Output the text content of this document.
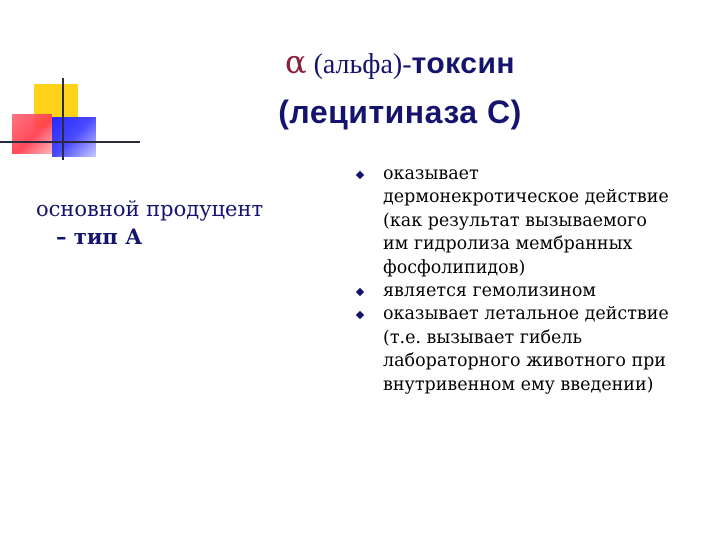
α (альфа)-токсин
(лецитиназа С)
основной продуцент
– тип А
оказывает
дермонекротическое действие
(как результат вызываемого
им гидролиза мембранных
фосфолипидов)
является гемолизином
оказывает летальное действие
(т.е. вызывает гибель
лабораторного животного при
внутривенном ему введении)
